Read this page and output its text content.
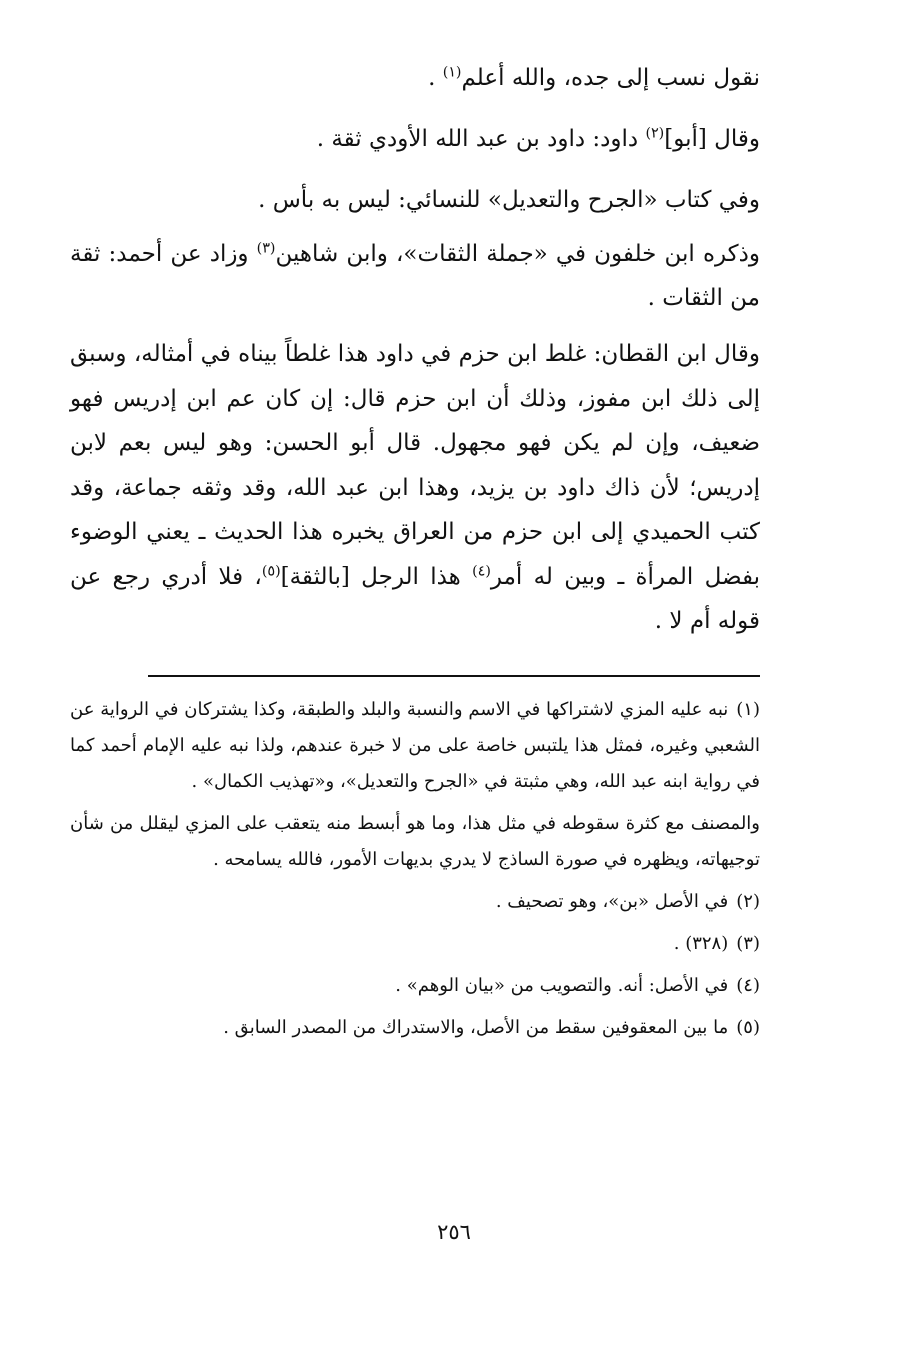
نقول نسب إلى جده، والله أعلم$^{(١)}$ .

وقال [أبو]$^{(٢)}$ داود: داود بن عبد الله الأودي ثقة .

وفي كتاب «الجرح والتعديل» للنسائي: ليس به بأس .

وذكره ابن خلفون في «جملة الثقات»، وابن شاهين$^{(٣)}$ وزاد عن أحمد: ثقة من الثقات .

وقال ابن القطان: غلط ابن حزم في داود هذا غلطاً بيناه في أمثاله، وسبق إلى ذلك ابن مفوز، وذلك أن ابن حزم قال: إن كان عم ابن إدريس فهو ضعيف، وإن لم يكن فهو مجهول. قال أبو الحسن: وهو ليس بعم لابن إدريس؛ لأن ذاك داود بن يزيد، وهذا ابن عبد الله، وقد وثقه جماعة، وقد كتب الحميدي إلى ابن حزم من العراق يخبره هذا الحديث ـ يعني الوضوء بفضل المرأة ـ وبين له أمر$^{(٤)}$ هذا الرجل [بالثقة]$^{(٥)}$، فلا أدري رجع عن قوله أم لا .

(١)نبه عليه المزي لاشتراكها في الاسم والنسبة والبلد والطبقة، وكذا يشتركان في الرواية عن الشعبي وغيره، فمثل هذا يلتبس خاصة على من لا خبرة عندهم، ولذا نبه عليه الإمام أحمد كما في رواية ابنه عبد الله، وهي مثبتة في «الجرح والتعديل»، و«تهذيب الكمال» .

والمصنف مع كثرة سقوطه في مثل هذا، وما هو أبسط منه يتعقب على المزي ليقلل من شأن توجيهاته، ويظهره في صورة الساذج لا يدري بديهات الأمور، فالله يسامحه .

(٢)في الأصل «بن»، وهو تصحيف .

(٣)(٣٢٨) .

(٤)في الأصل: أنه. والتصويب من «بيان الوهم» .

(٥)ما بين المعقوفين سقط من الأصل، والاستدراك من المصدر السابق .

٢٥٦
